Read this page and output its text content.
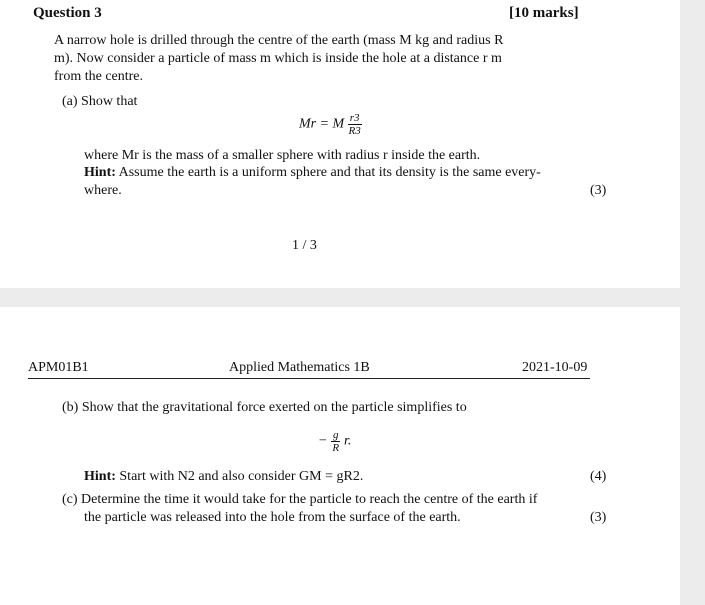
Question 3	[10 marks]
A narrow hole is drilled through the centre of the earth (mass M kg and radius R
m). Now consider a particle of mass m which is inside the hole at a distance r m
from the centre.
(a) Show that
Mr = M $\frac{r3}{R3}$
where Mr is the mass of a smaller sphere with radius r inside the earth.
Hint: Assume the earth is a uniform sphere and that its density is the same every-
where.	(3)
1 / 3
APM01B1	Applied Mathematics 1B	2021-10-09
(b) Show that the gravitational force exerted on the particle simplifies to
− $\frac{g}{R} r$.
Hint: Start with N2 and also consider GM = gR2.	(4)
(c) Determine the time it would take for the particle to reach the centre of the earth if
the particle was released into the hole from the surface of the earth.	(3)
